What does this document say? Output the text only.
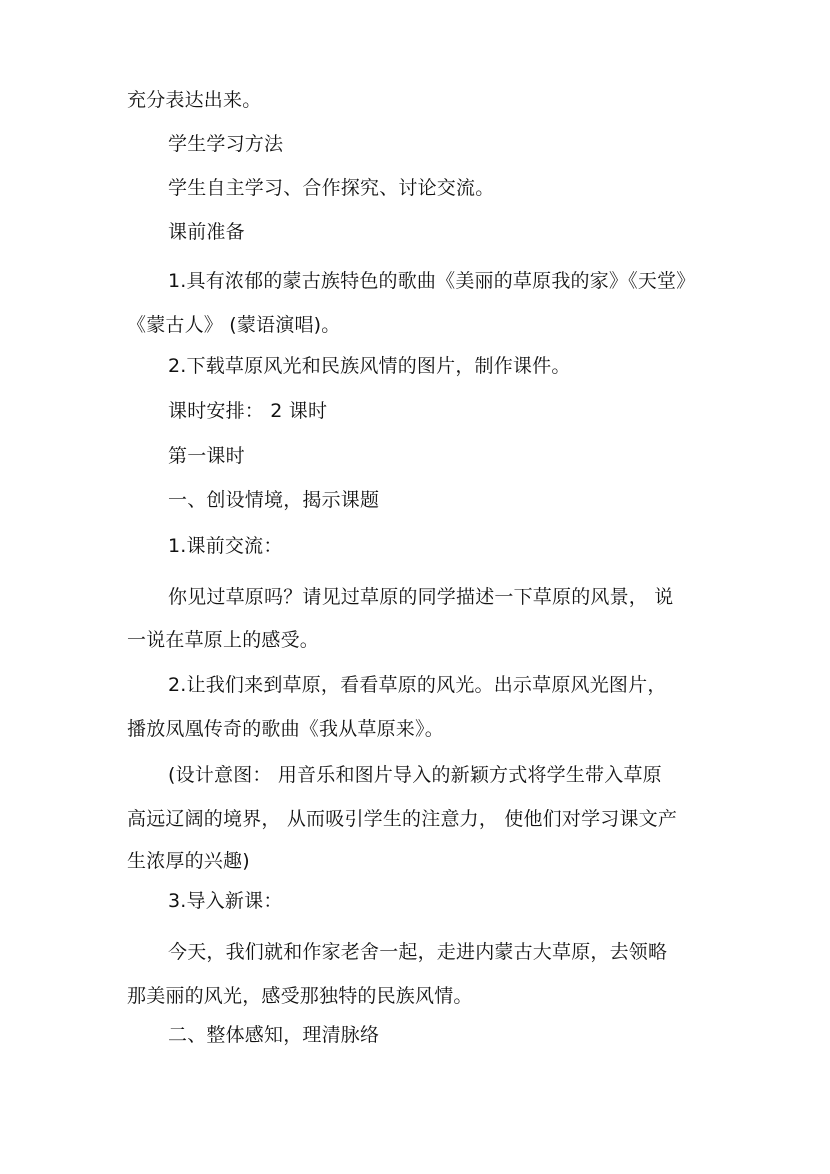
充分表达出来。
学生学习方法
学生自主学习、合作探究、讨论交流。
课前准备
1.具有浓郁的蒙古族特色的歌曲《美丽的草原我的家》《天堂》
《蒙古人》 (蒙语演唱)。
2.下载草原风光和民族风情的图片，制作课件。
课时安排： 2 课时
第一课时
一、创设情境，揭示课题
1.课前交流：
你见过草原吗？请见过草原的同学描述一下草原的风景， 说
一说在草原上的感受。
2.让我们来到草原，看看草原的风光。出示草原风光图片，
播放凤凰传奇的歌曲《我从草原来》。
(设计意图： 用音乐和图片导入的新颖方式将学生带入草原
高远辽阔的境界， 从而吸引学生的注意力， 使他们对学习课文产
生浓厚的兴趣)
3.导入新课：
今天，我们就和作家老舍一起，走进内蒙古大草原，去领略
那美丽的风光，感受那独特的民族风情。
二、整体感知，理清脉络
